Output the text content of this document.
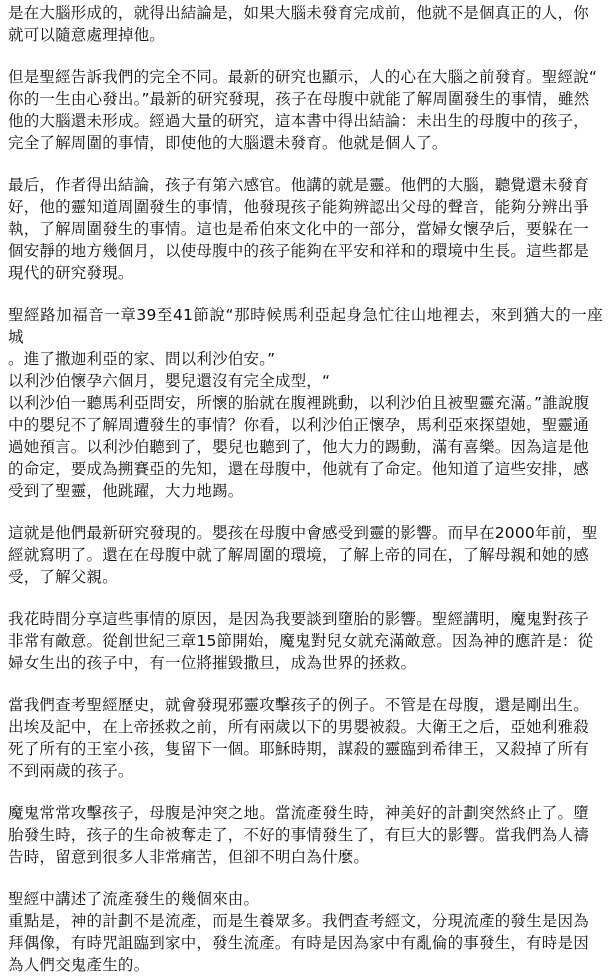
是在大腦形成的，就得出結論是，如果大腦未發育完成前，他就不是個真正的人，你
就可以隨意處理掉他。

但是聖經告訴我們的完全不同。最新的研究也顯示，人的心在大腦之前發育。聖經說“
你的一生由心發出。”最新的研究發現，孩子在母腹中就能了解周圍發生的事情，雖然
他的大腦還未形成。經過大量的研究，這本書中得出結論：未出生的母腹中的孩子，
完全了解周圍的事情，即使他的大腦還未發育。他就是個人了。

最后，作者得出結論，孩子有第六感官。他講的就是靈。他們的大腦，聽覺還未發育
好，他的靈知道周圍發生的事情，他發現孩子能夠辨認出父母的聲音，能夠分辨出爭
執，了解周圍發生的事情。這也是希伯來文化中的一部分，當婦女懷孕后，要躲在一
個安靜的地方幾個月，以使母腹中的孩子能夠在平安和祥和的環境中生長。這些都是
現代的研究發現。

聖經路加福音一章39至41節說“那時候馬利亞起身急忙往山地裡去，來到猶大的一座城
。進了撒迦利亞的家、問以利沙伯安。”
以利沙伯懷孕六個月，嬰兒還沒有完全成型，“
以利沙伯一聽馬利亞問安，所懷的胎就在腹裡跳動，以利沙伯且被聖靈充滿。”誰說腹
中的嬰兒不了解周遭發生的事情？你看，以利沙伯正懷孕，馬利亞來探望她，聖靈通
過她預言。以利沙伯聽到了，嬰兒也聽到了，他大力的踢動，滿有喜樂。因為這是他
的命定，要成為搠賽亞的先知，還在母腹中，他就有了命定。他知道了這些安排，感
受到了聖靈，他跳躍，大力地踢。

這就是他們最新研究發現的。嬰孩在母腹中會感受到靈的影響。而早在2000年前，聖
經就寫明了。還在在母腹中就了解周圍的環境，了解上帝的同在，了解母親和她的感
受，了解父親。

我花時間分享這些事情的原因，是因為我要談到墮胎的影響。聖經講明，魔鬼對孩子
非常有敵意。從創世紀三章15節開始，魔鬼對兒女就充滿敵意。因為神的應許是：從
婦女生出的孩子中，有一位將摧毀撒旦，成為世界的拯救。

當我們查考聖經歷史，就會發現邪靈攻擊孩子的例子。不管是在母腹，還是剛出生。
出埃及記中，在上帝拯救之前，所有兩歲以下的男嬰被殺。大衛王之后，亞她利雅殺
死了所有的王室小孩，隻留下一個。耶穌時期，謀殺的靈臨到希律王，又殺掉了所有
不到兩歲的孩子。

魔鬼常常攻擊孩子，母腹是沖突之地。當流產發生時，神美好的計劃突然終止了。墮
胎發生時，孩子的生命被奪走了，不好的事情發生了，有巨大的影響。當我們為人禱
告時，留意到很多人非常痛苦，但卻不明白為什麼。

聖經中講述了流產發生的幾個來由。
重點是，神的計劃不是流產，而是生養眾多。我們查考經文，分現流產的發生是因為
拜偶像，有時咒詛臨到家中，發生流產。有時是因為家中有亂倫的事發生，有時是因
為人們交鬼產生的。
